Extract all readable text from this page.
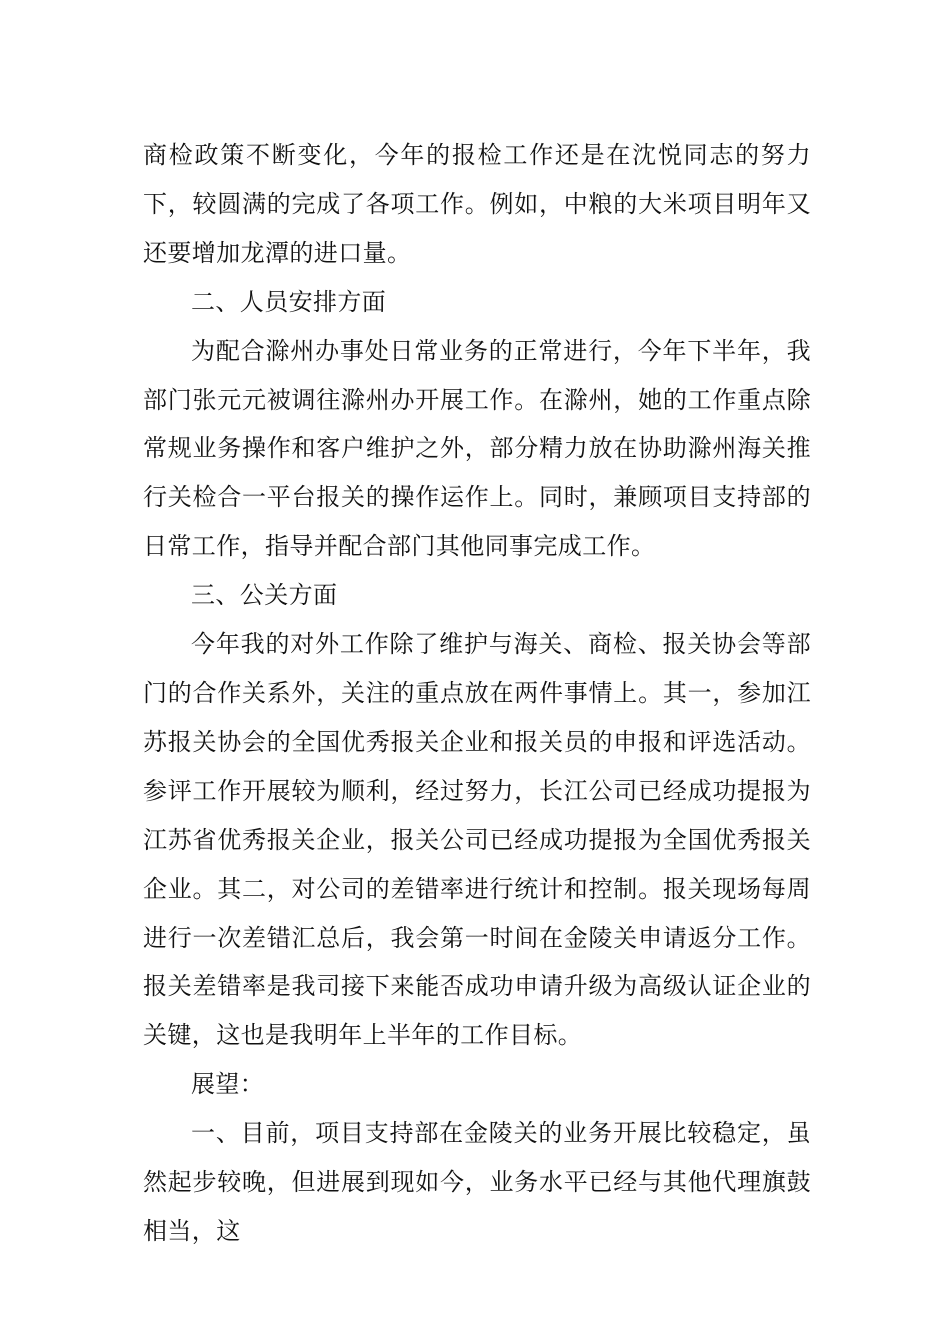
商检政策不断变化，今年的报检工作还是在沈悦同志的努力下，较圆满的完成了各项工作。例如，中粮的大米项目明年又还要增加龙潭的进口量。

二、人员安排方面

为配合滁州办事处日常业务的正常进行，今年下半年，我部门张元元被调往滁州办开展工作。在滁州，她的工作重点除常规业务操作和客户维护之外，部分精力放在协助滁州海关推行关检合一平台报关的操作运作上。同时，兼顾项目支持部的日常工作，指导并配合部门其他同事完成工作。

三、公关方面

今年我的对外工作除了维护与海关、商检、报关协会等部门的合作关系外，关注的重点放在两件事情上。其一，参加江苏报关协会的全国优秀报关企业和报关员的申报和评选活动。参评工作开展较为顺利，经过努力，长江公司已经成功提报为江苏省优秀报关企业，报关公司已经成功提报为全国优秀报关企业。其二，对公司的差错率进行统计和控制。报关现场每周进行一次差错汇总后，我会第一时间在金陵关申请返分工作。报关差错率是我司接下来能否成功申请升级为高级认证企业的关键，这也是我明年上半年的工作目标。

展望：

一、目前，项目支持部在金陵关的业务开展比较稳定，虽然起步较晚，但进展到现如今，业务水平已经与其他代理旗鼓相当，这
